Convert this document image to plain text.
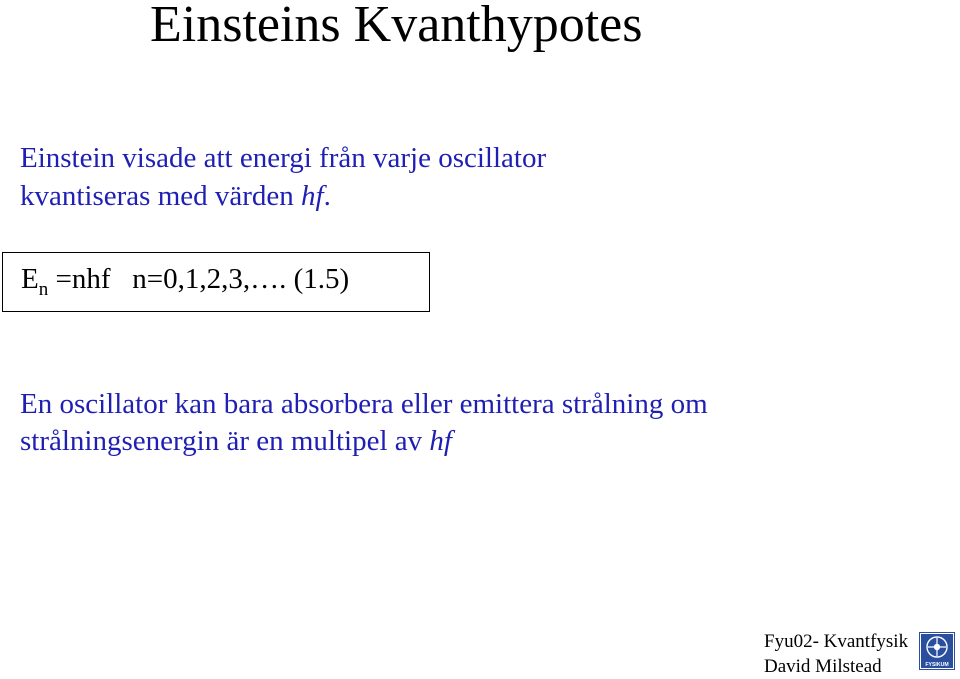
Einsteins Kvanthypotes
Einstein visade att energi från varje oscillator
kvantiseras med värden hf.
$E_n =nhf$   n=0,1,2,3,…. (1.5)
En oscillator kan bara absorbera eller emittera strålning om
strålningsenergin är en multipel av hf
Fyu02- Kvantfysik
David Milstead	FYSIKUM
